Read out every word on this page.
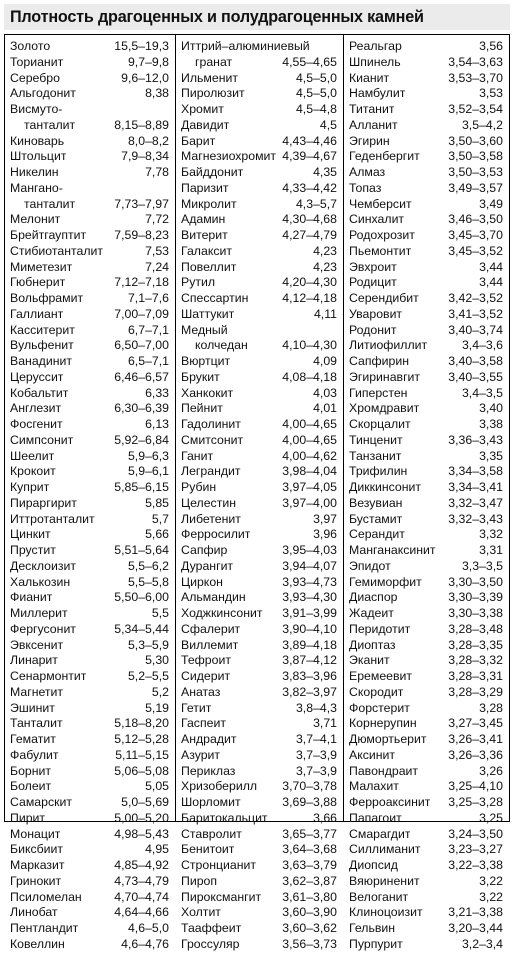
Плотность драгоценных и полудрагоценных камней
Золото	15,5–19,3
Торианит	9,7–9,8
Серебро	9,6–12,0
Альгодонит	8,38
Висмуто-
танталит	8,15–8,89
Киноварь	8,0–8,2
Штольцит	7,9–8,34
Никелин	7,78
Мангано-
танталит	7,73–7,97
Мелонит	7,72
Брейтгауптит 7,59–8,23
Стибиотанталит	7,53
Миметезит	7,24
Гюбнерит	7,12–7,18
Вольфрамит	7,1–7,6
Галлиант	7,00–7,09
Касситерит	6,7–7,1
Вульфенит	6,50–7,00
Ванадинит	6,5–7,1
Церуссит	6,46–6,57
Кобальтит	6,33
Англезит	6,30–6,39
Фосгенит	6,13
Симпсонит	5,92–6,84
Шеелит	5,9–6,3
Крокоит	5,9–6,1
Куприт	5,85–6,15
Пираргирит	5,85
Иттротанталит	5,7
Цинкит	5,66
Прустит	5,51–5,64
Десклоизит	5,5–6,2
Халькозин	5,5–5,8
Фианит	5,50–6,00
Миллерит	5,5
Фергусонит	5,34–5,44
Эвксенит	5,3–5,9
Линарит	5,30
Сенармонтит	5,2–5,5
Магнетит	5,2
Эшинит	5,19
Танталит	5,18–8,20
Гематит	5,12–5,28
Фабулит	5,11–5,15
Борнит	5,06–5,08
Болеит	5,05
Самарскит	5,0–5,69
Пирит	5,00–5,20
Монацит	4,98–5,43
Биксбиит	4,95
Марказит	4,85–4,92
Гринокит	4,73–4,79
Псиломелан	4,70–4,74
Линобат	4,64–4,66
Пентландит	4,6–5,0
Ковеллин	4,6–4,76
Иттрий–алюминиевый
гранат	4,55–4,65
Ильменит	4,5–5,0
Пиролюзит	4,5–5,0
Хромит	4,5–4,8
Давидит	4,5
Барит	4,43–4,46
Магнезиохромит 4,39–4,67
Байддонит	4,35
Паризит	4,33–4,42
Микролит	4,3–5,7
Адамин	4,30–4,68
Витерит	4,27–4,79
Галаксит	4,23
Повеллит	4,23
Рутил	4,20–4,30
Спессартин	4,12–4,18
Шаттукит	4,11
Медный
колчедан	4,10–4,30
Вюртцит	4,09
Брукит	4,08–4,18
Ханкокит	4,03
Пейнит	4,01
Гадолинит	4,00–4,65
Смитсонит	4,00–4,65
Ганит	4,00–4,62
Леграндит	3,98–4,04
Рубин	3,97–4,05
Целестин	3,97–4,00
Либетенит	3,97
Ферросилит	3,96
Сапфир	3,95–4,03
Дурангит	3,94–4,07
Циркон	3,93–4,73
Альмандин	3,93–4,30
Ходжкинсонит 3,91–3,99
Сфалерит	3,90–4,10
Виллемит	3,89–4,18
Тефроит	3,87–4,12
Сидерит	3,83–3,96
Анатаз	3,82–3,97
Гетит	3,8–4,3
Гаспеит	3,71
Андрадит	3,7–4,1
Азурит	3,7–3,9
Периклаз	3,7–3,9
Хризоберилл 3,70–3,78
Шорломит	3,69–3,88
Баритокальцит	3,66
Ставролит	3,65–3,77
Бенитоит	3,64–3,68
Стронцианит 3,63–3,79
Пироп	3,62–3,87
Пироксмангит 3,61–3,80
Холтит	3,60–3,90
Тааффеит	3,60–3,62
Гроссуляр	3,56–3,73
Реальгар	3,56
Шпинель	3,54–3,63
Кианит	3,53–3,70
Намбулит	3,53
Титанит	3,52–3,54
Алланит	3,5–4,2
Эгирин	3,50–3,60
Геденбергит 3,50–3,58
Алмаз	3,50–3,53
Топаз	3,49–3,57
Чемберсит	3,49
Синхалит	3,46–3,50
Родохрозит	3,45–3,70
Пьемонтит	3,45–3,52
Эвхроит	3,44
Родицит	3,44
Серендибит 3,42–3,52
Уваровит	3,41–3,52
Родонит	3,40–3,74
Литиофиллит	3,4–3,6
Сапфирин	3,40–3,58
Эгиринавгит 3,40–3,55
Гиперстен	3,4–3,5
Хромдравит	3,40
Скорцалит	3,38
Тинценит	3,36–3,43
Танзанит	3,35
Трифилин	3,34–3,58
Диккинсонит 3,34–3,41
Везувиан	3,32–3,47
Бустамит	3,32–3,43
Серандит	3,32
Манганаксинит	3,31
Эпидот	3,3–3,5
Гемиморфит 3,30–3,50
Диаспор	3,30–3,39
Жадеит	3,30–3,38
Перидотит	3,28–3,48
Диоптаз	3,28–3,35
Эканит	3,28–3,32
Еремеевит	3,28–3,31
Скородит	3,28–3,29
Форстерит	3,28
Корнерупин	3,27–3,45
Дюмортьерит 3,26–3,41
Аксинит	3,26–3,36
Павондраит	3,26
Малахит	3,25–4,10
Ферроаксинит 3,25–3,28
Папагоит	3,25
Смарагдит	3,24–3,50
Силлиманит 3,23–3,27
Диопсид	3,22–3,38
Вяюриненит	3,22
Велоганит	3,22
Клиноцоизит 3,21–3,38
Гельвин	3,20–3,44
Пурпурит	3,2–3,4
